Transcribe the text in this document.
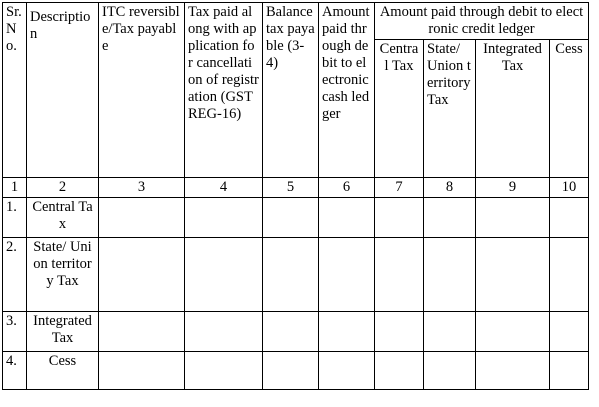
Sr. No.	Description	ITC reversible/Tax payable	Tax paid along with application for cancellation of registration (GST REG-16)	Balance tax payable (3-4)	Amount paid through debit to electronic cash ledger	Amount paid through debit to electronic credit ledger			
						Central Tax	State/ Union territory Tax	Integrated Tax	Cess
1	2	3	4	5	6	7	8	9	10
1.	Central Tax								
2.	State/ Union territory Tax								
3.	Integrated Tax								
4.	Cess								
